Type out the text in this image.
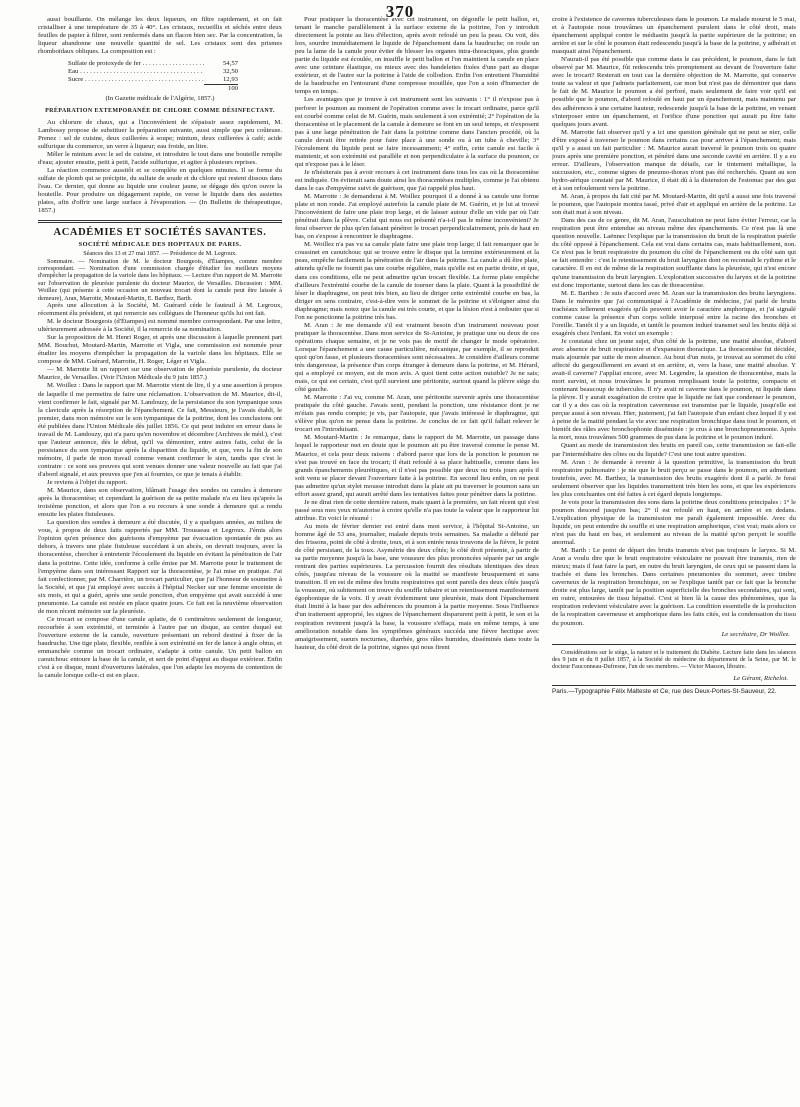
370

aussi bouillante. On mélange les deux liqueurs, on filtre rapidement, et on fait cristalliser à une température de 35 à 40°. Les cristaux, recueillis et séchés entre deux feuilles de papier à filtrer, sont renfermés dans un flacon bien sec. Par la concentration, la liqueur abandonne une nouvelle quantité de sel. Les cristaux sont des prismes rhomboïdaux obliques. La composition est :

Sulfate de protoxyde de fer . . .	54,57
Eau . . .	32,50
Sucre . . .	12,93
100

(In Gazette médicale de l'Algérie, 1857.)

PRÉPARATION EXTEMPORANÉE DE CHLORE COMME DÉSINFECTANT.

Au chlorure de chaux, qui a l'inconvénient de s'épaissir assez rapidement, M. Lambossy propose de substituer la préparation suivante, aussi simple que peu coûteuse. Prenez : sel de cuisine, deux cuillerées à soupe; minium, deux cuillerées à café; acide sulfurique du commerce, un verre à liqueur; eau froide, un litre.

Mêler le minium avec le sel de cuisine, et introduire le tout dans une bouteille remplie d'eau; ajouter ensuite, petit à petit, l'acide sulfurique, et agiter à plusieurs reprises.

La réaction commence aussitôt et se complète en quelques minutes. Il se forme du sulfate de plomb qui se précipite, du sulfate de soude et du chlore qui restent dissous dans l'eau. Ce dernier, qui donne au liquide une couleur jaune, se dégage dès qu'on ouvre la bouteille. Pour produire un dégagement rapide, on verse le liquide dans des assiettes plates, afin d'offrir une large surface à l'évaporation. — (In Bulletin de thérapeutique, 1857.)

ACADÉMIES ET SOCIÉTÉS SAVANTES.
SOCIÉTÉ MÉDICALE DES HOPITAUX DE PARIS.

Séances des 13 et 27 mai 1857. — Présidence de M. Legroux.

Sommaire. — Nomination de M. le docteur Bourgeois, d'Étampes, comme membre correspondant. — Nomination d'une commission chargée d'étudier les meilleurs moyens d'empêcher la propagation de la variole dans les hôpitaux. — Lecture d'un rapport de M. Marrotte sur l'observation de pleurésie purulente du docteur Maurice, de Versailles. Discussion : MM. Woillez (qui présente à cette occasion un nouveau trocart dont la canule peut être laissée à demeure), Aran, Marrotte, Moutard-Martin, E. Barthez, Barth.

Après une allocution à la Société, M. Guérard cède le fauteuil à M. Legroux, récemment élu président, et qui remercie ses collègues de l'honneur qu'ils lui ont fait.

M. le docteur Bourgeois (d'Étampes) est nommé membre correspondant. Par une lettre, ultérieurement adressée à la Société, il la remercie de sa nomination.

Sur la proposition de M. Henri Roger, et après une discussion à laquelle prennent part MM. Bouchut, Moutard-Martin, Marrotte et Vigla, une commission est nommée pour étudier les moyens d'empêcher la propagation de la variole dans les hôpitaux. Elle se compose de MM. Guérard, Marrotte, H. Roger, Léger et Vigla.

— M. Marrotte lit un rapport sur une observation de pleurésie purulente, du docteur Maurice, de Versailles. (Voir l'Union Médicale du 9 juin 1857.)

M. Woillez : Dans le rapport que M. Marrotte vient de lire, il y a une assertion à propos de laquelle il me permettra de faire une réclamation. L'observation de M. Maurice, dit-il, vient confirmer le fait, signalé par M. Landouzy, de la persistance du son tympanique sous la clavicule après la résorption de l'épanchement. Ce fait, Messieurs, je l'avais établi, le premier, dans mon mémoire sur le son tympanique de la poitrine, dont les conclusions ont été publiées dans l'Union Médicale dès juillet 1856. Ce qui peut induire en erreur dans le travail de M. Landouzy, qui n'a paru qu'en novembre et décembre (Archives de méd.), c'est que l'auteur annonce, dès le début, qu'il va démontrer, entre autres faits, celui de la persistance du son tympanique après la disparition du liquide, et que, vers la fin de son mémoire, il parle de mon travail comme venant confirmer le sien, tandis que c'est le contraire : ce sont ses preuves qui sont venues donner une valeur nouvelle au fait que j'ai d'abord signalé, et aux preuves que j'en ai fournies, ce que je tenais à établir.

Je reviens à l'objet du rapport.

M. Maurice, dans son observation, blâmait l'usage des sondes ou canules à demeure après la thoracentèse; et cependant la guérison de sa petite malade n'a eu lieu qu'après la troisième ponction, et alors que l'on a eu recours à une sonde à demeure qui a rendu ensuite les plaies fistuleuses.

La question des sondes à demeure a été discutée, il y a quelques années, au milieu de vous, à propos de deux faits rapportés par MM. Trousseau et Legroux. J'émis alors l'opinion qu'en présence des guérisons d'empyème par évacuation spontanée de pus au dehors, à travers une plaie fistuleuse succédant à un abcès, on devrait toujours, avec la thoracentèse, chercher à entretenir l'écoulement du liquide en évitant la pénétration de l'air dans la poitrine. Cette idée, conforme à celle émise par M. Marrotte pour le traitement de l'empyème dans son intéressant Rapport sur la thoracentèse, je l'ai mise en pratique. J'ai fait confectionner, par M. Charrière, un trocart particulier, que j'ai l'honneur de soumettre à la Société, et que j'ai employé avec succès à l'hôpital Necker sur une femme enceinte de six mois, et qui a guéri, après une seule ponction, d'un empyème qui avait succédé à une pneumonie. La canule est restée en place quatre jours. Ce fait est la neuvième observation de mon récent mémoire sur la pleurésie.

Ce trocart se compose d'une canule aplatie, de 6 centimètres seulement de longueur, recourbée à son extrémité, et terminée à l'autre par un disque, au centre duquel est l'ouverture externe de la canule, ouverture présentant un rebord destiné à fixer de la baudruche. Une tige plate, flexible, renflée à son extrémité en fer de lance à angle obtus, et emmanchée comme un trocart ordinaire, s'adapte à cette canule. Un petit ballon en caoutchouc entoure la base de la canule, et sert de point d'appui au disque extérieur. Enfin c'est à ce disque, muni d'ouvertures latérales, que l'on adapte les moyens de contention de la canule lorsque celle-ci est en place.

Pour pratiquer la thoracentèse avec cet instrument, on dégonfle le petit ballon, et, tenant le manche parallèlement à la surface externe de la poitrine, l'on y introduit directement la pointe au lieu d'élection, après avoir refoulé un peu la peau. Ou voit, dès lors, sourdre immédiatement le liquide de l'épanchement dans la baudruche; on roule un peu la lame de la canule pour éviter de blesser les organes intra-thoraciques, plus grande partie du liquide est écoulée, on insuffle le petit ballon et l'on maintient la canule en place avec une ceinture élastique, ou mieux avec des bandelettes fixées d'une part au disque extérieur, et de l'autre sur la poitrine à l'aide de collodion. Enfin l'on entretient l'humidité de la baudruche en l'entourant d'une compresse mouillée, que l'on a soin d'humecter de temps en temps.

Les avantages que je trouve à cet instrument sont les suivants : 1° il n'expose pas à perforer le poumon au moment de l'opération comme avec le trocart ordinaire, parce qu'il est courbé comme celui de M. Guérin, mais seulement à son extrémité; 2° l'opération de la thoracentèse et le placement de la canule à demeure se font en un seul temps, et n'exposent pas à une large pénétration de l'air dans la poitrine comme dans l'ancien procédé, où la canule devait être retirée pour faire place à une sonde ou à un tube à cheville; 3° l'écoulement du liquide peut se faire incessamment; 4° enfin, cette canule est facile à maintenir, et son extrémité est parallèle et non perpendiculaire à la surface du poumon, ce qui n'expose pas à le léser.

Je n'hésiterais pas à avoir recours à cet instrument dans tous les cas où la thoracentèse est indiquée. On éviterait sans doute ainsi les thoracentèses multiples, comme je l'ai obtenu dans le cas d'empyème suivi de guérison, que j'ai rappelé plus haut.

M. Marrotte : Je demanderai à M. Woillez pourquoi il a donné à sa canule une forme plate et non ronde. J'ai employé autrefois la canule plate de M. Guérin, et je lui ai trouvé l'inconvénient de faire une plaie trop large, et de laisser autour d'elle un vide par où l'air pénétrait dans la plèvre. Celui qui nous est présenté n'a-t-il pas le même inconvénient? Je ferai observer de plus qu'en faisant pénétrer le trocart perpendiculairement, près de haut en bas, on s'expose à rencontrer le diaphragme.

M. Woillez n'a pas vu sa canule plate faire une plaie trop large; il fait remarquer que le coussinet en caoutchouc qui se trouve entre le disque qui la termine extérieurement et la peau, empêche facilement la pénétration de l'air dans la poitrine. La canule a dû être plate, attendu qu'elle ne fournit pas une courbe régulière, mais qu'elle est en partie droite, et que, dans ces conditions, elle ne peut admettre qu'un trocart flexible. La forme plate empêche d'ailleurs l'extrémité courbe de la canule de tourner dans la plaie. Quant à la possibilité de léser le diaphragme, on peut très bien, au lieu de diriger cette extrémité courbe en bas, la diriger en sens contraire, c'est-à-dire vers le sommet de la poitrine et s'éloigner ainsi du diaphragme; mais notez que la canule est très courte, et que la lésion n'est à redouter que si l'on ne ponctionne la poitrine très bas.

M. Aran : Je me demande s'il est vraiment besoin d'un instrument nouveau pour pratiquer la thoracentèse. Dans mon service de St-Antoine, je pratique une ou deux de ces opérations chaque semaine, et je ne vois pas de motif de changer le mode opératoire. Lorsque l'épanchement a une cause particulière, mécanique, par exemple, il se reproduit quoi qu'on fasse, et plusieurs thoracentèses sont nécessaires. Je considère d'ailleurs comme très dangereuse, la présence d'un corps étranger à demeure dans la poitrine, et M. Hérard, qui a employé ce moyen, est de mon avis. A quoi tient cette action nuisible? Je ne sais; mais, ce qui est certain, c'est qu'il survient une péritonite, surtout quand la plèvre siège du côté gauche.

M. Marrotte : J'ai vu, comme M. Aran, une péritonite survenir après une thoracentèse pratiquée du côté gauche. J'avais senti, pendant la ponction, une résistance dont je ne m'étais pas rendu compte; je vis, par l'autopsie, que j'avais intéressé le diaphragme, qui s'élève plus qu'on ne pense dans la poitrine. Je conclus de ce fait qu'il fallait relever le trocart en l'introduisant.

M. Moutard-Martin : Je remarque, dans le rapport de M. Marrotte, un passage dans lequel le rapporteur met en doute que le poumon ait pu être traversé comme le pense M. Maurice, et cela pour deux raisons : d'abord parce que lors de la ponction le poumon ne s'est pas trouvé en face du trocart; il était refoulé à sa place habituelle, comme dans les grands épanchements pleurétiques, et il n'est pas possible que deux ou trois jours après il soit venu se placer devant l'ouverture faite à la poitrine. En second lieu enfin, on ne peut pas admettre qu'un stylet mousse introduit dans la plaie ait pu traverser le poumon sans un effort assez grand, qui aurait arrêté dans les tentatives faites pour pénétrer dans la poitrine.

Je ne dirai rien de cette dernière raison, mais quant à la première, un fait récent qui s'est passé sous mes yeux m'autorise à croire qu'elle n'a pas toute la valeur que le rapporteur lui attribue. En voici le résumé :

Au mois de février dernier est entré dans mon service, à l'hôpital St-Antoine, un homme âgé de 53 ans, journalier, malade depuis trois semaines. Sa maladie a débuté par des frissons, point de côté à droite, toux, et à son entrée nous trouvons de la fièvre, le point de côté persistant, de la toux. Asymétrie des deux côtés; le côté droit présente, à partir de sa partie moyenne jusqu'à la base, une voussure des plus prononcées séparée par un angle rentrant des parties supérieures. La percussion fournit des résultats identiques des deux côtés, jusqu'au niveau de la voussure où la matité se manifeste brusquement et sans transition. Il en est de même des bruits respiratoires qui sont pareils des deux côtés jusqu'à la voussure, où subitement on trouve du souffle tubaire et un retentissement manifestement égophonique de la voix. Il y avait évidemment une pleurésie, mais dont l'épanchement était limité à la base par des adhérences du poumon à la partie moyenne. Sous l'influence d'un traitement approprié, les signes de l'épanchement disparurent petit à petit, le son et la respiration revinrent jusqu'à la base, la voussure s'effaça, mais en même temps, à une amélioration notable dans les symptômes généraux succéda une fièvre hectique avec amaigrissement, sueurs nocturnes, diarrhée, gros râles humides, disséminés dans toute la hauteur, du côté droit de la poitrine, signes qui nous firent

croire à l'existence de cavernes tuberculeuses dans le poumon. Le malade mourut le 5 mai, et à l'autopsie nous trouvâmes un épanchement purulent dans le côté droit, mais épanchement appliqué contre le médiastin jusqu'à la partie supérieure de la poitrine; en arrière et sur le côté le poumon était redescendu jusqu'à la base de la poitrine, y adhérait et masquait ainsi l'épanchement.

N'aurait-il pas été possible que comme dans le cas précédent, le poumon, dans le fait observé par M. Maurice, fût redescendu très promptement au devant de l'ouverture faite avec le trocart? Resterait en tout cas la dernière objection de M. Marrotte, qui conserve toute sa valeur et que j'admets parfaitement, car mon but n'est pas de démontrer que dans le fait de M. Maurice le poumon a été perforé, mais seulement de faire voir qu'il est possible que le poumon, d'abord refoulé en haut par un épanchement, mais maintenu par des adhérences à une certaine hauteur, redescende jusqu'à la base de la poitrine, en venant s'interposer entre un épanchement, et l'orifice d'une ponction qui aurait pu être faite quelques jours avant.

M. Marrotte fait observer qu'il y a ici une question générale qui ne peut se nier, celle d'être exposé à traverser le poumon dans certains cas pour arriver à l'épanchement; mais qu'il y a aussi un fait particulier : M. Maurice aurait traversé le poumon trois ou quatre jours après une première ponction, et pénétré dans une seconde cavité en arrière. Il y a eu erreur. D'ailleurs, l'observation manque de détails, car le tintement métallique, la succussion, etc., comme signes de pneumo-thorax n'ont pas été recherchés. Quant au son hydro-aérique constaté par M. Maurice, il était dû à la distension de l'estomac par des gaz et à son refoulement vers la poitrine.

M. Aran, à propos du fait cité par M. Moutard-Martin, dit qu'il a aussi une fois traversé le poumon, que l'autopsie montra tassé, privé d'air et appliqué en arrière de la poitrine. Le son était mat à son niveau.

Dans des cas de ce genre, dit M. Aran, l'auscultation ne peut faire éviter l'erreur, car la respiration peut être entendue au niveau même des épanchements. Ce n'est pas là une question nouvelle. Laënnec l'explique par la transmission du bruit de la respiration puérile du côté opposé à l'épanchement. Cela est vrai dans certains cas, mais habituellement, non. Ce n'est pas le bruit respiratoire du poumon du côté de l'épanchement ou du côté sain qui se fait entendre : c'est le retentissement du bruit laryngien dont on reconnaît le rythme et le caractère. Il en est de même de la respiration soufflante dans la pleurésie, qui n'est encore qu'une transmission du bruit laryngien. L'exploration successive du larynx et de la poitrine est donc importante, surtout dans les cas de thoracentèse.

M. E. Barthez : Je suis d'accord avec M. Aran sur la transmission des bruits laryngiens. Dans le mémoire que j'ai communiqué à l'Académie de médecine, j'ai parlé de bruits trachéaux tellement exagérés qu'ils peuvent avoir le caractère amphorique, et j'ai signalé comme cause la présence d'un corps solide interposé entre la racine des bronches et l'oreille. Tantôt il y a un liquide, et tantôt le poumon induré transmet seul les bruits déjà si exagérés chez l'enfant. En voici un exemple :

Je constatai chez un jeune sujet, d'un côté de la poitrine, une matité absolue, d'abord avec absence de bruit respiratoire et d'expansion thoracique. La thoracentèse fut décidée, mais ajournée par suite de mon absence. Au bout d'un mois, je trouvai au sommet du côté affecté du gargouillement en avant et en arrière, et, vers la base, une matité absolue. Y avait-il caverne? J'appliai encore, avec M. Legendre, la question de thoracentèse, mais la mort survint, et nous trouvâmes le poumon remplissant toute la poitrine, compacte et contenant beaucoup de tubercules. Il n'y avait ni caverne dans le poumon, ni liquide dans la plèvre. Il y aurait exagération de croire que le liquide ne fait que condenser le poumon, car il y a des cas où la respiration caverneuse est transmise par le liquide, jusqu'elle est perçue aussi à son niveau. Hier, justement, j'ai fait l'autopsie d'un enfant chez lequel il y est à peine de la matité pendant la vie avec une respiration bronchique dans tout le poumon, et bientôt des râles avec bronchophonie disséminée : je crus à une bronchopneumonie. Après la mort, nous trouvâmes 500 grammes de pus dans la poitrine et le poumon induré.

Quant au mode de transmission des bruits en pareil cas, cette transmission se fait-elle par l'intermédiaire des côtes ou du liquide? C'est une tout autre question.

M. Aran : Je demande à revenir à la question primitive, la transmission du bruit respiratoire pulmonaire : je nie que le bruit perçu se passe dans le poumon, en admettant toutefois, avec M. Barthez, la transmission des bruits exagérés dont il a parlé. Je ferai seulement observer que les liquides transmettent très bien les sons, et que les expériences les plus concluantes ont été faites à cet égard depuis longtemps.

Je vois pour la transmission des sons dans la poitrine deux conditions principales : 1° le poumon descend jusqu'en bas; 2° il est refoulé en haut, en arrière et en dedans. L'explication physique de la transmission me paraît également impossible. Avec du liquide, on peut entendre du souffle et une respiration amphorique, c'est vrai; mais alors ce n'est pas du haut en bas, et seulement au niveau de la matité qu'on perçoit le souffle anormal.

M. Barth : Le point de départ des bruits transmis n'est pas toujours le larynx. Si M. Aran a voulu dire que le bruit respiratoire vésiculaire ne pouvait être transmis, rien de mieux; mais il faut faire la part, en outre du bruit laryngien, de ceux qui se passent dans la trachée et dans les bronches. Dans certaines pneumonies du sommet, avec timbre caverneux de la respiration bronchique, on se l'explique tantôt par ce fait que la bronche droite est plus large, tantôt par la position superficielle des bronches secondaires, qui sont, en outre, entourées de tissu hépatisé. C'est si bien là la cause des phénomènes, que la respiration redevient vésiculaire avec la guérison. La condition essentielle de la production de la respiration caverneuse et amphorique dans les faits cités, est la condensation du tissu du poumon.

Le secrétaire, Dr Woillez.

Considérations sur le siège, la nature et le traitement du Diabète. Lecture faite dans les séances des 9 juin et du 8 juillet 1857, à la Société de médecine du département de la Seine, par M. le docteur Fauconneau-Dufresne, l'un de ses membres. — Victor Masson, libraire.

Le Gérant, Richelot.
Paris.—Typographie Félix Malteste et Ce, rue des Deux-Portes-St-Sauveur, 22.
